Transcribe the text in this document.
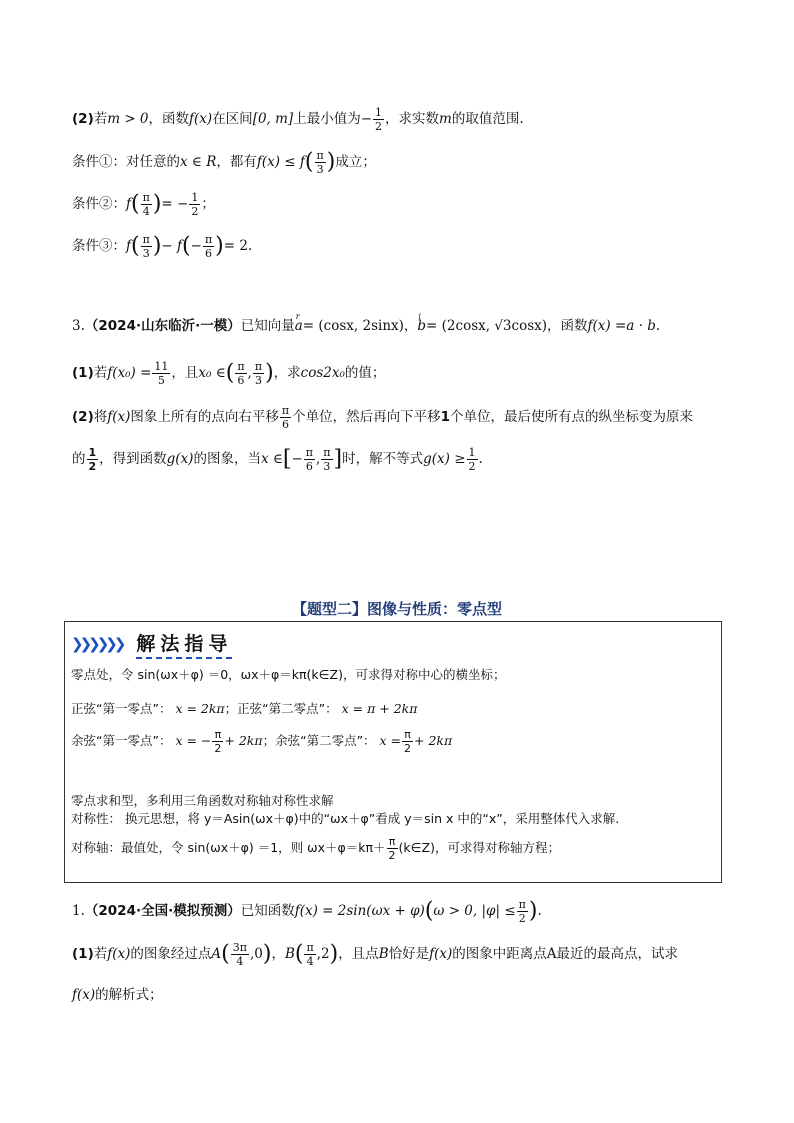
(2)若m > 0，函数f(x)在区间[0, m]上最小值为− $\frac{1}{2}$ ，求实数m的取值范围.
条件①：对任意的x ∈ R，都有$f(x) \le f( \frac{\pi}{3}$ )成立；
条件②：$f( \frac{\pi}{4}$ )= − $\frac{1}{2}$ ；
条件③：$f( \frac{\pi}{3}$ )− $f(- \frac{\pi}{6}$ )= 2.
3.（2024·山东临沂·一模）已知向量r a= (cosx, 2sinx)，i b= (2cosx, √3cosx)，函数f(x) =a · b.
(1)若$f(x_0) = \frac{11}{5}$ ，且x₀ ∈( $\frac{\pi}{6}$ , $\frac{\pi}{3}$ )，求cos2x₀的值；
(2)将f(x)图象上所有的点向右平移 $\frac{\pi}{6}$ 个单位，然后再向下平移1个单位，最后使所有点的纵坐标变为原来
的 $\frac{1}{2}$ ，得到函数g(x)的图象，当x ∈[− $\frac{\pi}{6}$ , $\frac{\pi}{3}$ ]时，解不等式$g(x) \ge \frac{1}{2}$ .
【题型二】图像与性质：零点型
❯❯❯❯❯❯ 解法指导
零点处，令 sin(ωx＋φ) ＝0，ωx＋φ＝kπ(k∈Z)，可求得对称中心的横坐标；
正弦“第一零点”： x = 2kπ；正弦“第二零点”： x = π + 2kπ
余弦“第一零点”： x = − $\frac{\pi}{2} + 2k\pi$；余弦“第二零点”： $x = \frac{\pi}{2} + 2k\pi$
零点求和型，多利用三角函数对称轴对称性求解
对称性： 换元思想，将 y＝Asin(ωx＋φ)中的“ωx＋φ”看成 y＝sin x 中的“x”，采用整体代入求解.
对称轴：最值处，令 sin(ωx＋φ) ＝1，则 $\omega x+\varphi=k\pi+ \frac{\pi}{2}$ (k∈Z)，可求得对称轴方程；
1.（2024·全国·模拟预测）已知函数f(x) = 2sin(ωx + φ)(ω > 0, $|\varphi| \le \frac{\pi}{2}$ ).
(1)若f(x)的图象经过点$A( \frac{3\pi}{4} ,0)$，$B( \frac{\pi}{4} ,2)$，且点B恰好是f(x)的图象中距离点A最近的最高点，试求
f(x)的解析式；
